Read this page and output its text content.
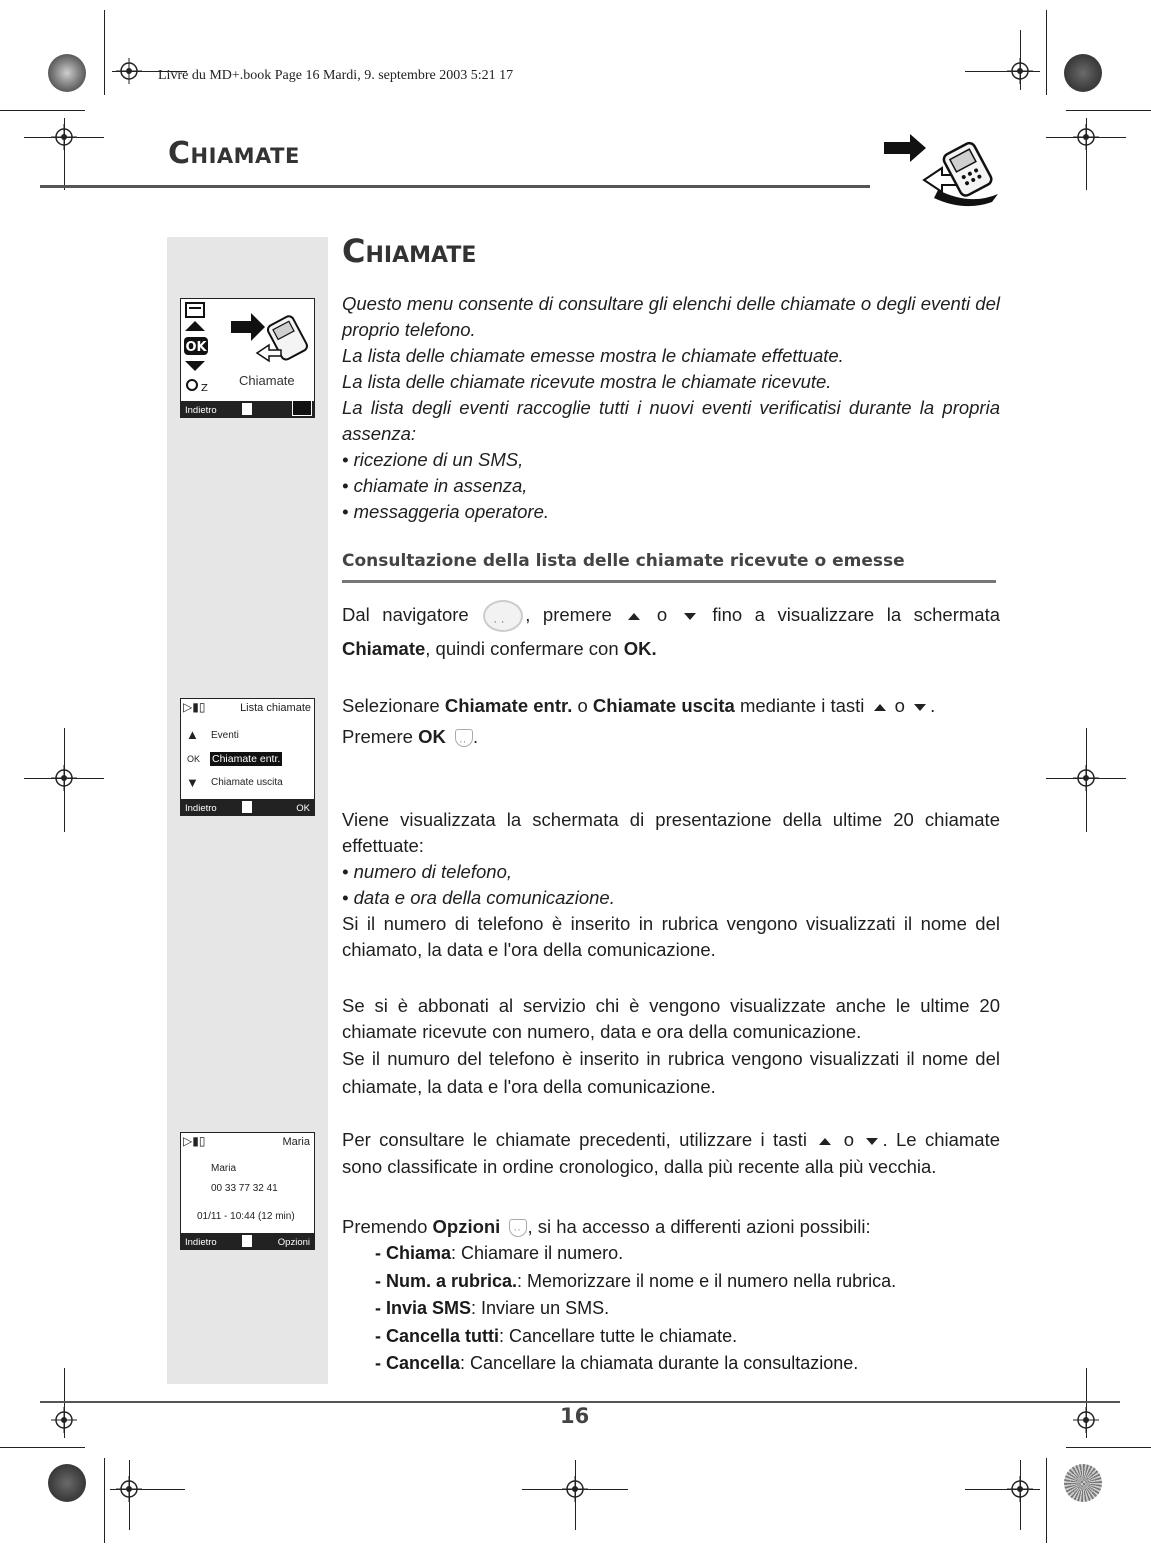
Livre du MD+.book Page 16 Mardi, 9. septembre 2003 5:21 17
Chiamate
OK
Z
Chiamate
Indietro
▷▮▯	Lista chiamate
▲ Eventi
OK Chiamate entr.
▼ Chiamate uscita
Indietro	OK
▷▮▯	Maria
Maria
00 33 77 32 41
01/11 - 10:44 (12 min)
Indietro	Opzioni
Chiamate

Questo menu consente di consultare gli elenchi delle chiamate o degli eventi del proprio telefono.

La lista delle chiamate emesse mostra le chiamate effettuate.

La lista delle chiamate ricevute mostra le chiamate ricevute.

La lista degli eventi raccoglie tutti i nuovi eventi verificatisi durante la propria assenza:

• ricezione di un SMS,

• chiamate in assenza,

• messaggeria operatore.

Consultazione della lista delle chiamate ricevute o emesse
Dal navigatore · ·	, premere o fino a visualizzare la schermata Chiamate, quindi confermare con OK.
Selezionare Chiamate entr. o Chiamate uscita mediante i tasti o .
Premere OK ·· .

Viene visualizzata la schermata di presentazione della ultime 20 chiamate effettuate:

• numero di telefono,

• data e ora della comunicazione.

Si il numero di telefono è inserito in rubrica vengono visualizzati il nome del chiamato, la data e l'ora della comunicazione.

Se si è abbonati al servizio chi è vengono visualizzate anche le ultime 20 chiamate ricevute con numero, data e ora della comunicazione.

Se il numuro del telefono è inserito in rubrica vengono visualizzati il nome del chiamate, la data e l'ora della comunicazione.

Per consultare le chiamate precedenti, utilizzare i tasti o . Le chiamate sono classificate in ordine cronologico, dalla più recente alla più vecchia.
Premendo Opzioni ·· , si ha accesso a differenti azioni possibili:
- Chiama: Chiamare il numero.
- Num. a rubrica.: Memorizzare il nome e il numero nella rubrica.
- Invia SMS: Inviare un SMS.
- Cancella tutti: Cancellare tutte le chiamate.
- Cancella: Cancellare la chiamata durante la consultazione.
16
